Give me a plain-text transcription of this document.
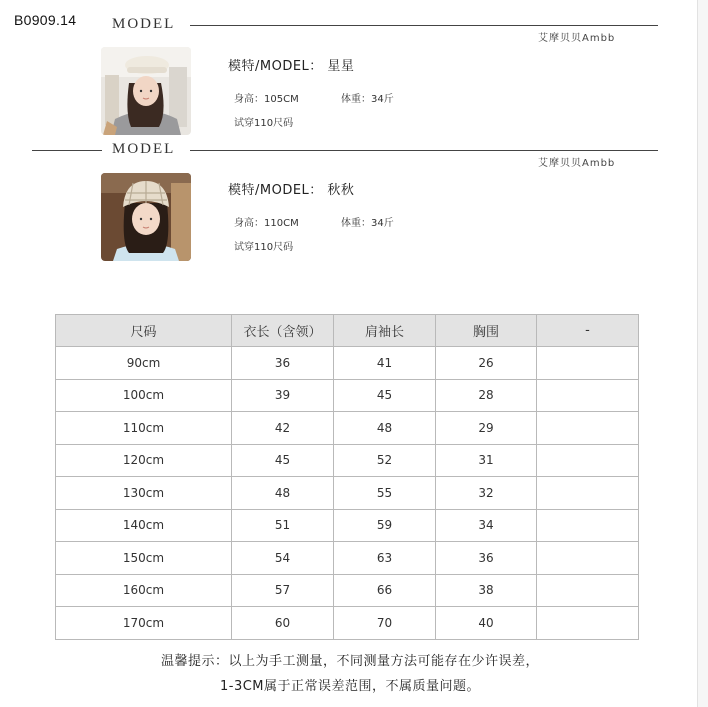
B0909.14 MODEL
艾摩贝贝Ambb
模特/MODEL： 星星
身高：105CM	体重：34斤
试穿110尺码
MODEL
艾摩贝贝Ambb
模特/MODEL： 秋秋
身高：110CM	体重：34斤
试穿110尺码
尺码	衣长（含领）	肩袖长	胸围	-
90cm	36	41	26	
100cm	39	45	28	
110cm	42	48	29	
120cm	45	52	31	
130cm	48	55	32	
140cm	51	59	34	
150cm	54	63	36	
160cm	57	66	38	
170cm	60	70	40	
温馨提示：以上为手工测量，不同测量方法可能存在少许误差，
1-3CM属于正常误差范围，不属质量问题。
